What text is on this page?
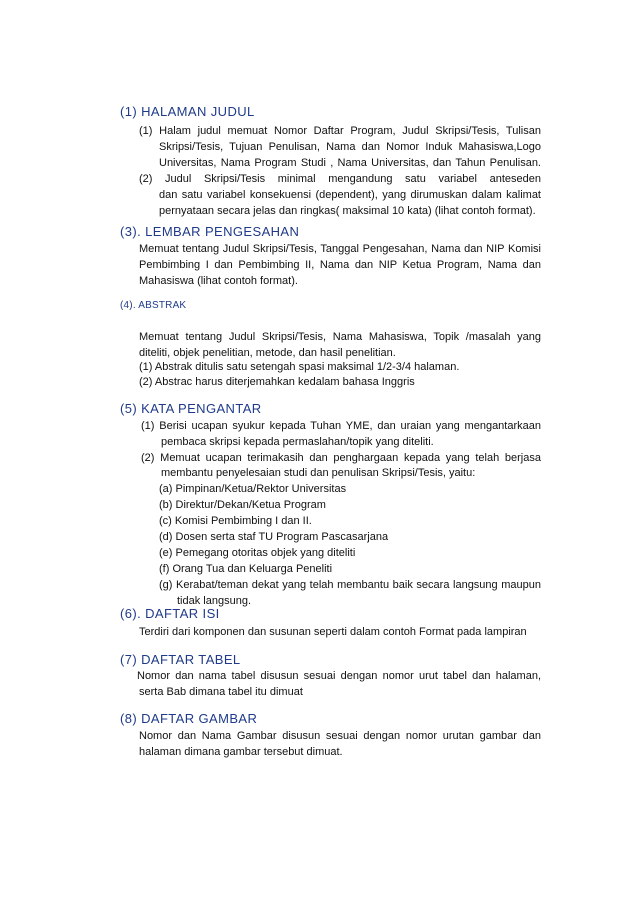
(1) HALAMAN JUDUL
(1) Halam judul memuat Nomor Daftar Program, Judul Skripsi/Tesis, Tulisan
Skripsi/Tesis, Tujuan Penulisan, Nama dan Nomor Induk Mahasiswa,Logo
Universitas, Nama Program Studi , Nama Universitas, dan Tahun Penulisan.
(2) Judul Skripsi/Tesis minimal mengandung satu variabel anteseden
dan satu variabel konsekuensi (dependent), yang dirumuskan dalam kalimat
pernyataan secara jelas dan ringkas( maksimal 10 kata) (lihat contoh format).
(3). LEMBAR PENGESAHAN
Memuat tentang Judul Skripsi/Tesis, Tanggal Pengesahan, Nama dan NIP Komisi
Pembimbing I dan Pembimbing II, Nama dan NIP Ketua Program, Nama dan
Mahasiswa (lihat contoh format).
(4). ABSTRAK
Memuat tentang Judul Skripsi/Tesis, Nama Mahasiswa, Topik /masalah yang
diteliti, objek penelitian, metode, dan hasil penelitian.
(1) Abstrak ditulis satu setengah spasi maksimal 1/2-3/4 halaman.
(2) Abstrac harus diterjemahkan kedalam bahasa Inggris
(5) KATA PENGANTAR
(1) Berisi ucapan syukur kepada Tuhan YME, dan uraian yang mengantarkaan
pembaca skripsi kepada permaslahan/topik yang diteliti.
(2) Memuat ucapan terimakasih dan penghargaan kepada yang telah berjasa
membantu penyelesaian studi dan penulisan Skripsi/Tesis, yaitu:
(a) Pimpinan/Ketua/Rektor Universitas
(b) Direktur/Dekan/Ketua Program
(c) Komisi Pembimbing I dan II.
(d) Dosen serta staf TU Program Pascasarjana
(e) Pemegang otoritas objek yang diteliti
(f) Orang Tua dan Keluarga Peneliti
(g) Kerabat/teman dekat yang telah membantu baik secara langsung maupun
tidak langsung.
(6). DAFTAR ISI
Terdiri dari komponen dan susunan seperti dalam contoh Format pada lampiran
(7) DAFTAR TABEL
Nomor dan nama tabel disusun sesuai dengan nomor urut tabel dan halaman,
serta Bab dimana tabel itu dimuat
(8) DAFTAR GAMBAR
Nomor dan Nama Gambar disusun sesuai dengan nomor urutan gambar dan
halaman dimana gambar tersebut dimuat.
